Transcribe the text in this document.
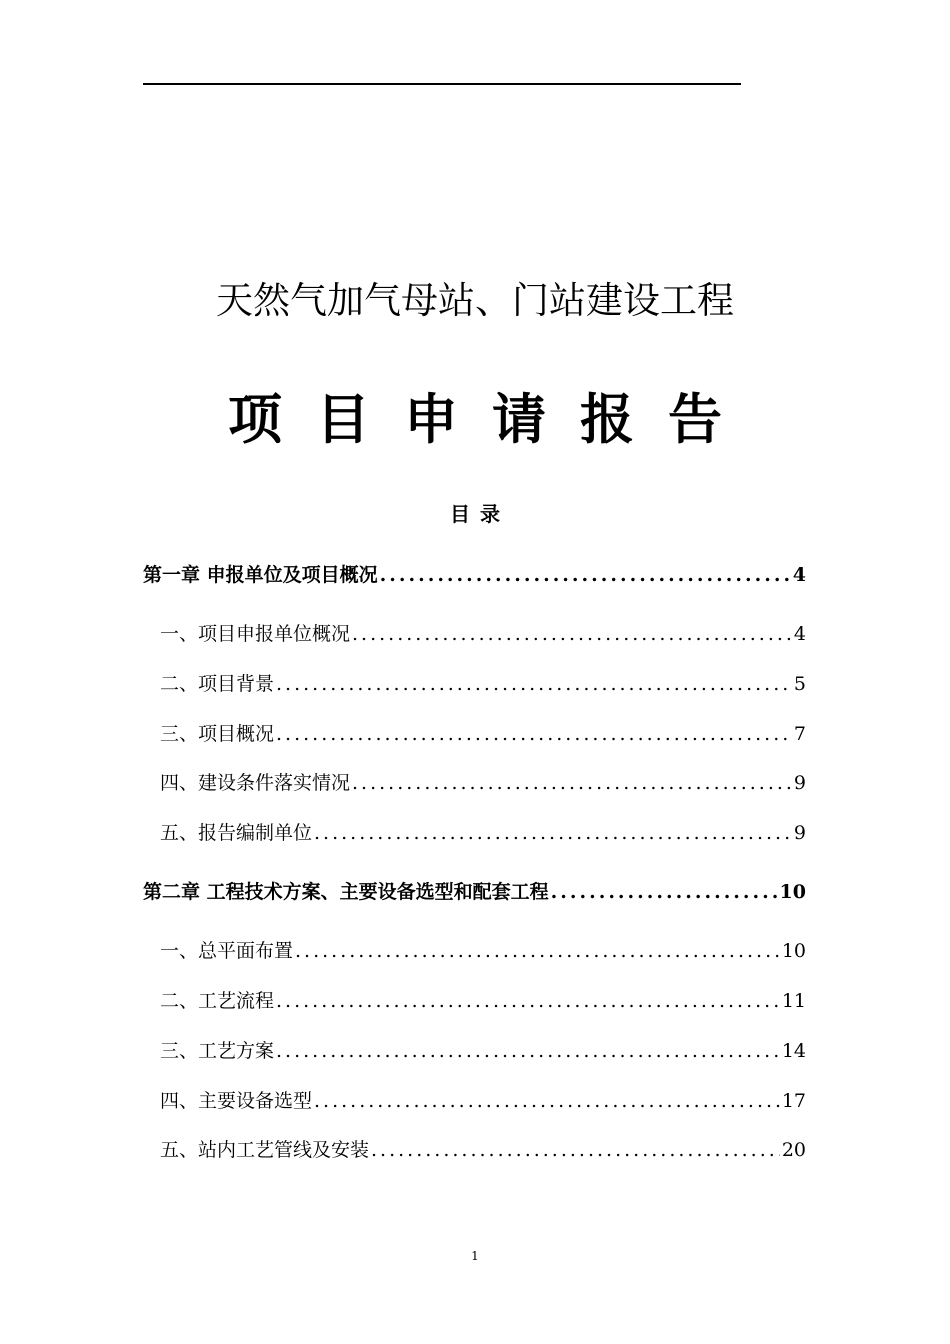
天然气加气母站、门站建设工程
项目申请报告
目录
第一章 申报单位及项目概况 .....	4
一、项目申报单位概况 .....	4
二、项目背景 .....	5
三、项目概况 .....	7
四、建设条件落实情况 .....	9
五、报告编制单位 .....	9
第二章 工程技术方案、主要设备选型和配套工程 .....	10
一、总平面布置 .....	10
二、工艺流程 .....	11
三、工艺方案 .....	14
四、主要设备选型 .....	17
五、站内工艺管线及安装 .....	20
1
